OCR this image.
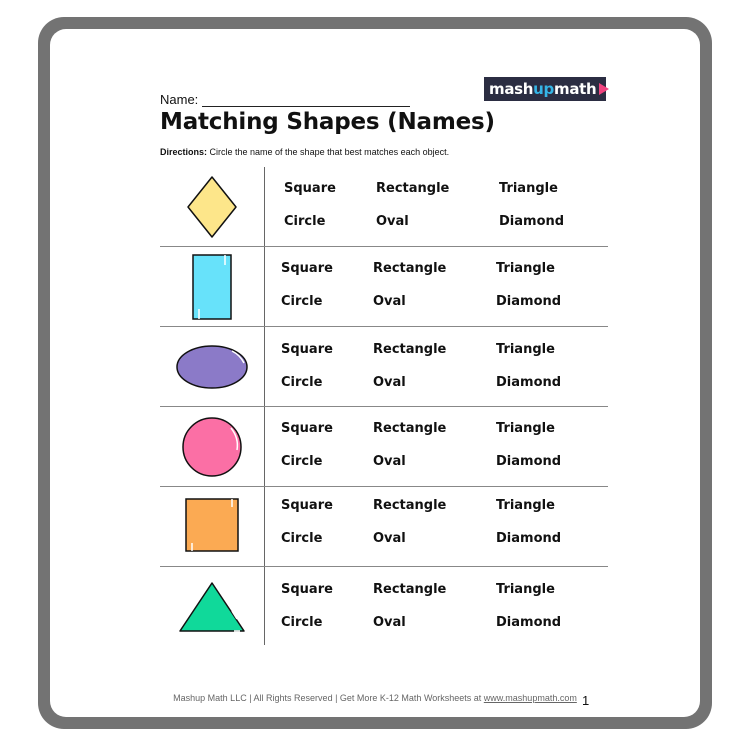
mash up math
Name:
Matching Shapes (Names)
Directions: Circle the name of the shape that best matches each object.
Square	Rectangle	Triangle
Circle	Oval	Diamond
Square	Rectangle	Triangle
Circle	Oval	Diamond
Square	Rectangle	Triangle
Circle	Oval	Diamond
Square	Rectangle	Triangle
Circle	Oval	Diamond
Square	Rectangle	Triangle
Circle	Oval	Diamond
Square	Rectangle	Triangle
Circle	Oval	Diamond
Mashup Math LLC | All Rights Reserved | Get More K-12 Math Worksheets at www.mashupmath.com 1
